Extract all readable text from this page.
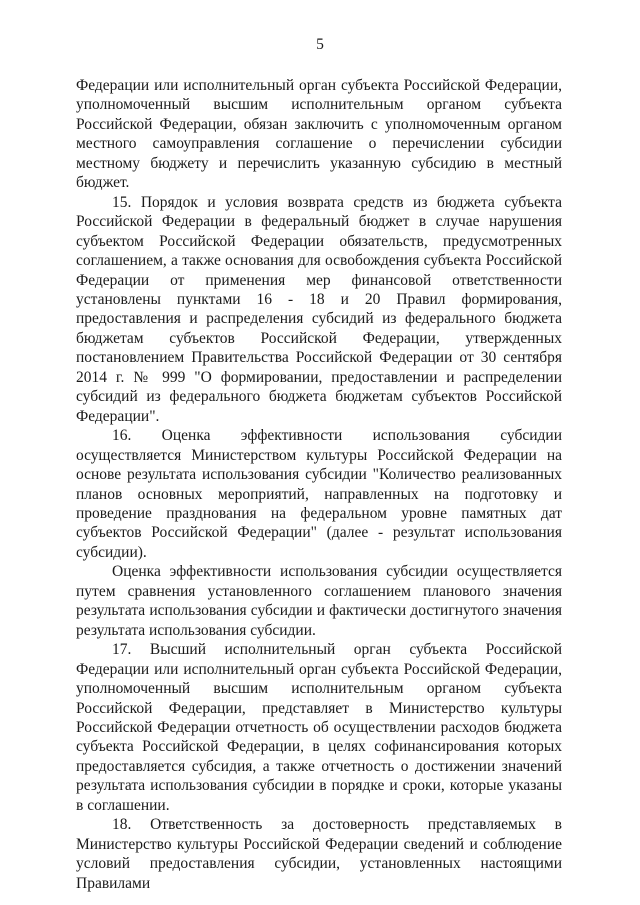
5

Федерации или исполнительный орган субъекта Российской Федерации, уполномоченный высшим исполнительным органом субъекта Российской Федерации, обязан заключить с уполномоченным органом местного самоуправления соглашение о перечислении субсидии местному бюджету и перечислить указанную субсидию в местный бюджет.

15. Порядок и условия возврата средств из бюджета субъекта Российской Федерации в федеральный бюджет в случае нарушения субъектом Российской Федерации обязательств, предусмотренных соглашением, а также основания для освобождения субъекта Российской Федерации от применения мер финансовой ответственности установлены пунктами 16 - 18 и 20 Правил формирования, предоставления и распределения субсидий из федерального бюджета бюджетам субъектов Российской Федерации, утвержденных постановлением Правительства Российской Федерации от 30 сентября 2014 г. № 999 "О формировании, предоставлении и распределении субсидий из федерального бюджета бюджетам субъектов Российской Федерации".

16. Оценка эффективности использования субсидии осуществляется Министерством культуры Российской Федерации на основе результата использования субсидии "Количество реализованных планов основных мероприятий, направленных на подготовку и проведение празднования на федеральном уровне памятных дат субъектов Российской Федерации" (далее - результат использования субсидии).

Оценка эффективности использования субсидии осуществляется путем сравнения установленного соглашением планового значения результата использования субсидии и фактически достигнутого значения результата использования субсидии.

17. Высший исполнительный орган субъекта Российской Федерации или исполнительный орган субъекта Российской Федерации, уполномоченный высшим исполнительным органом субъекта Российской Федерации, представляет в Министерство культуры Российской Федерации отчетность об осуществлении расходов бюджета субъекта Российской Федерации, в целях софинансирования которых предоставляется субсидия, а также отчетность о достижении значений результата использования субсидии в порядке и сроки, которые указаны в соглашении.

18. Ответственность за достоверность представляемых в Министерство культуры Российской Федерации сведений и соблюдение условий предоставления субсидии, установленных настоящими Правилами
